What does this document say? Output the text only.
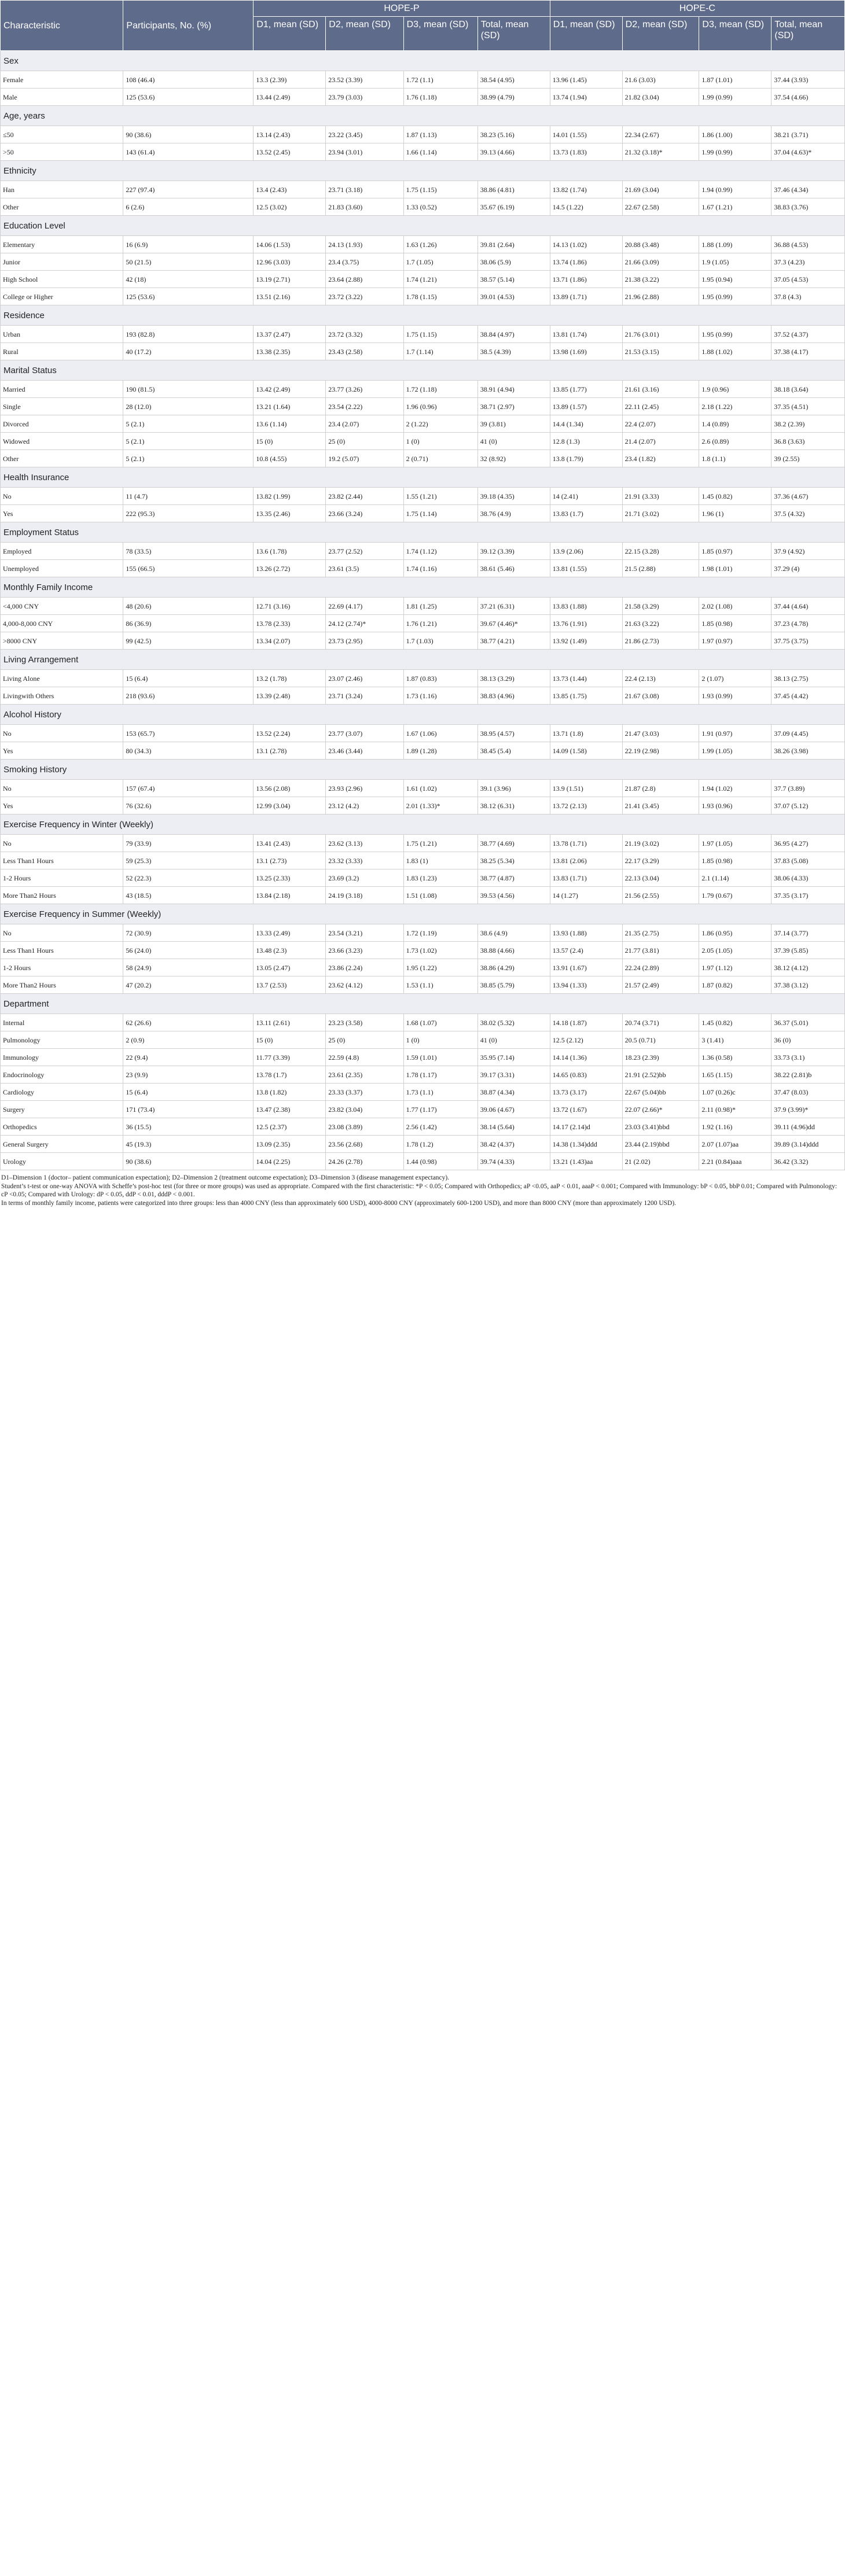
Characteristic	Participants, No. (%)	HOPE-P				HOPE-C			
		D1, mean (SD)	D2, mean (SD)	D3, mean (SD)	Total, mean (SD)	D1, mean (SD)	D2, mean (SD)	D3, mean (SD)	Total, mean (SD)
Sex									
Female	108 (46.4)	13.3 (2.39)	23.52 (3.39)	1.72 (1.1)	38.54 (4.95)	13.96 (1.45)	21.6 (3.03)	1.87 (1.01)	37.44 (3.93)
Male	125 (53.6)	13.44 (2.49)	23.79 (3.03)	1.76 (1.18)	38.99 (4.79)	13.74 (1.94)	21.82 (3.04)	1.99 (0.99)	37.54 (4.66)
Age, years									
≤50	90 (38.6)	13.14 (2.43)	23.22 (3.45)	1.87 (1.13)	38.23 (5.16)	14.01 (1.55)	22.34 (2.67)	1.86 (1.00)	38.21 (3.71)
>50	143 (61.4)	13.52 (2.45)	23.94 (3.01)	1.66 (1.14)	39.13 (4.66)	13.73 (1.83)	21.32 (3.18)*	1.99 (0.99)	37.04 (4.63)*
Ethnicity									
Han	227 (97.4)	13.4 (2.43)	23.71 (3.18)	1.75 (1.15)	38.86 (4.81)	13.82 (1.74)	21.69 (3.04)	1.94 (0.99)	37.46 (4.34)
Other	6 (2.6)	12.5 (3.02)	21.83 (3.60)	1.33 (0.52)	35.67 (6.19)	14.5 (1.22)	22.67 (2.58)	1.67 (1.21)	38.83 (3.76)
Education Level									
Elementary	16 (6.9)	14.06 (1.53)	24.13 (1.93)	1.63 (1.26)	39.81 (2.64)	14.13 (1.02)	20.88 (3.48)	1.88 (1.09)	36.88 (4.53)
Junior	50 (21.5)	12.96 (3.03)	23.4 (3.75)	1.7 (1.05)	38.06 (5.9)	13.74 (1.86)	21.66 (3.09)	1.9 (1.05)	37.3 (4.23)
High School	42 (18)	13.19 (2.71)	23.64 (2.88)	1.74 (1.21)	38.57 (5.14)	13.71 (1.86)	21.38 (3.22)	1.95 (0.94)	37.05 (4.53)
College or Higher	125 (53.6)	13.51 (2.16)	23.72 (3.22)	1.78 (1.15)	39.01 (4.53)	13.89 (1.71)	21.96 (2.88)	1.95 (0.99)	37.8 (4.3)
Residence									
Urban	193 (82.8)	13.37 (2.47)	23.72 (3.32)	1.75 (1.15)	38.84 (4.97)	13.81 (1.74)	21.76 (3.01)	1.95 (0.99)	37.52 (4.37)
Rural	40 (17.2)	13.38 (2.35)	23.43 (2.58)	1.7 (1.14)	38.5 (4.39)	13.98 (1.69)	21.53 (3.15)	1.88 (1.02)	37.38 (4.17)
Marital Status									
Married	190 (81.5)	13.42 (2.49)	23.77 (3.26)	1.72 (1.18)	38.91 (4.94)	13.85 (1.77)	21.61 (3.16)	1.9 (0.96)	38.18 (3.64)
Single	28 (12.0)	13.21 (1.64)	23.54 (2.22)	1.96 (0.96)	38.71 (2.97)	13.89 (1.57)	22.11 (2.45)	2.18 (1.22)	37.35 (4.51)
Divorced	5 (2.1)	13.6 (1.14)	23.4 (2.07)	2 (1.22)	39 (3.81)	14.4 (1.34)	22.4 (2.07)	1.4 (0.89)	38.2 (2.39)
Widowed	5 (2.1)	15 (0)	25 (0)	1 (0)	41 (0)	12.8 (1.3)	21.4 (2.07)	2.6 (0.89)	36.8 (3.63)
Other	5 (2.1)	10.8 (4.55)	19.2 (5.07)	2 (0.71)	32 (8.92)	13.8 (1.79)	23.4 (1.82)	1.8 (1.1)	39 (2.55)
Health Insurance									
No	11 (4.7)	13.82 (1.99)	23.82 (2.44)	1.55 (1.21)	39.18 (4.35)	14 (2.41)	21.91 (3.33)	1.45 (0.82)	37.36 (4.67)
Yes	222 (95.3)	13.35 (2.46)	23.66 (3.24)	1.75 (1.14)	38.76 (4.9)	13.83 (1.7)	21.71 (3.02)	1.96 (1)	37.5 (4.32)
Employment Status									
Employed	78 (33.5)	13.6 (1.78)	23.77 (2.52)	1.74 (1.12)	39.12 (3.39)	13.9 (2.06)	22.15 (3.28)	1.85 (0.97)	37.9 (4.92)
Unemployed	155 (66.5)	13.26 (2.72)	23.61 (3.5)	1.74 (1.16)	38.61 (5.46)	13.81 (1.55)	21.5 (2.88)	1.98 (1.01)	37.29 (4)
Monthly Family Income									
<4,000 CNY	48 (20.6)	12.71 (3.16)	22.69 (4.17)	1.81 (1.25)	37.21 (6.31)	13.83 (1.88)	21.58 (3.29)	2.02 (1.08)	37.44 (4.64)
4,000-8,000 CNY	86 (36.9)	13.78 (2.33)	24.12 (2.74)*	1.76 (1.21)	39.67 (4.46)*	13.76 (1.91)	21.63 (3.22)	1.85 (0.98)	37.23 (4.78)
>8000 CNY	99 (42.5)	13.34 (2.07)	23.73 (2.95)	1.7 (1.03)	38.77 (4.21)	13.92 (1.49)	21.86 (2.73)	1.97 (0.97)	37.75 (3.75)
Living Arrangement									
Living Alone	15 (6.4)	13.2 (1.78)	23.07 (2.46)	1.87 (0.83)	38.13 (3.29)	13.73 (1.44)	22.4 (2.13)	2 (1.07)	38.13 (2.75)
Livingwith Others	218 (93.6)	13.39 (2.48)	23.71 (3.24)	1.73 (1.16)	38.83 (4.96)	13.85 (1.75)	21.67 (3.08)	1.93 (0.99)	37.45 (4.42)
Alcohol History									
No	153 (65.7)	13.52 (2.24)	23.77 (3.07)	1.67 (1.06)	38.95 (4.57)	13.71 (1.8)	21.47 (3.03)	1.91 (0.97)	37.09 (4.45)
Yes	80 (34.3)	13.1 (2.78)	23.46 (3.44)	1.89 (1.28)	38.45 (5.4)	14.09 (1.58)	22.19 (2.98)	1.99 (1.05)	38.26 (3.98)
Smoking History									
No	157 (67.4)	13.56 (2.08)	23.93 (2.96)	1.61 (1.02)	39.1 (3.96)	13.9 (1.51)	21.87 (2.8)	1.94 (1.02)	37.7 (3.89)
Yes	76 (32.6)	12.99 (3.04)	23.12 (4.2)	2.01 (1.33)*	38.12 (6.31)	13.72 (2.13)	21.41 (3.45)	1.93 (0.96)	37.07 (5.12)
Exercise Frequency in Winter (Weekly)									
No	79 (33.9)	13.41 (2.43)	23.62 (3.13)	1.75 (1.21)	38.77 (4.69)	13.78 (1.71)	21.19 (3.02)	1.97 (1.05)	36.95 (4.27)
Less Than1 Hours	59 (25.3)	13.1 (2.73)	23.32 (3.33)	1.83 (1)	38.25 (5.34)	13.81 (2.06)	22.17 (3.29)	1.85 (0.98)	37.83 (5.08)
1-2 Hours	52 (22.3)	13.25 (2.33)	23.69 (3.2)	1.83 (1.23)	38.77 (4.87)	13.83 (1.71)	22.13 (3.04)	2.1 (1.14)	38.06 (4.33)
More Than2 Hours	43 (18.5)	13.84 (2.18)	24.19 (3.18)	1.51 (1.08)	39.53 (4.56)	14 (1.27)	21.56 (2.55)	1.79 (0.67)	37.35 (3.17)
Exercise Frequency in Summer (Weekly)									
No	72 (30.9)	13.33 (2.49)	23.54 (3.21)	1.72 (1.19)	38.6 (4.9)	13.93 (1.88)	21.35 (2.75)	1.86 (0.95)	37.14 (3.77)
Less Than1 Hours	56 (24.0)	13.48 (2.3)	23.66 (3.23)	1.73 (1.02)	38.88 (4.66)	13.57 (2.4)	21.77 (3.81)	2.05 (1.05)	37.39 (5.85)
1-2 Hours	58 (24.9)	13.05 (2.47)	23.86 (2.24)	1.95 (1.22)	38.86 (4.29)	13.91 (1.67)	22.24 (2.89)	1.97 (1.12)	38.12 (4.12)
More Than2 Hours	47 (20.2)	13.7 (2.53)	23.62 (4.12)	1.53 (1.1)	38.85 (5.79)	13.94 (1.33)	21.57 (2.49)	1.87 (0.82)	37.38 (3.12)
Department									
Internal	62 (26.6)	13.11 (2.61)	23.23 (3.58)	1.68 (1.07)	38.02 (5.32)	14.18 (1.87)	20.74 (3.71)	1.45 (0.82)	36.37 (5.01)
Pulmonology	2 (0.9)	15 (0)	25 (0)	1 (0)	41 (0)	12.5 (2.12)	20.5 (0.71)	3 (1.41)	36 (0)
Immunology	22 (9.4)	11.77 (3.39)	22.59 (4.8)	1.59 (1.01)	35.95 (7.14)	14.14 (1.36)	18.23 (2.39)	1.36 (0.58)	33.73 (3.1)
Endocrinology	23 (9.9)	13.78 (1.7)	23.61 (2.35)	1.78 (1.17)	39.17 (3.31)	14.65 (0.83)	21.91 (2.52)bb	1.65 (1.15)	38.22 (2.81)b
Cardiology	15 (6.4)	13.8 (1.82)	23.33 (3.37)	1.73 (1.1)	38.87 (4.34)	13.73 (3.17)	22.67 (5.04)bb	1.07 (0.26)c	37.47 (8.03)
Surgery	171 (73.4)	13.47 (2.38)	23.82 (3.04)	1.77 (1.17)	39.06 (4.67)	13.72 (1.67)	22.07 (2.66)*	2.11 (0.98)*	37.9 (3.99)*
Orthopedics	36 (15.5)	12.5 (2.37)	23.08 (3.89)	2.56 (1.42)	38.14 (5.64)	14.17 (2.14)d	23.03 (3.41)bbd	1.92 (1.16)	39.11 (4.96)dd
General Surgery	45 (19.3)	13.09 (2.35)	23.56 (2.68)	1.78 (1.2)	38.42 (4.37)	14.38 (1.34)ddd	23.44 (2.19)bbd	2.07 (1.07)aa	39.89 (3.14)ddd
Urology	90 (38.6)	14.04 (2.25)	24.26 (2.78)	1.44 (0.98)	39.74 (4.33)	13.21 (1.43)aa	21 (2.02)	2.21 (0.84)aaa	36.42 (3.32)

D1–Dimension 1 (doctor– patient communication expectation); D2–Dimension 2 (treatment outcome expectation); D3–Dimension 3 (disease management expectancy).

Student’s t-test or one-way ANOVA with Scheffe’s post-hoc test (for three or more groups) was used as appropriate. Compared with the first characteristic: *P < 0.05; Compared with Orthopedics; aP <0.05, aaP < 0.01, aaaP < 0.001; Compared with Immunology: bP < 0.05, bbP 0.01; Compared with Pulmonology: cP <0.05; Compared with Urology: dP < 0.05, ddP < 0.01, dddP < 0.001.

In terms of monthly family income, patients were categorized into three groups: less than 4000 CNY (less than approximately 600 USD), 4000-8000 CNY (approximately 600-1200 USD), and more than 8000 CNY (more than approximately 1200 USD).
